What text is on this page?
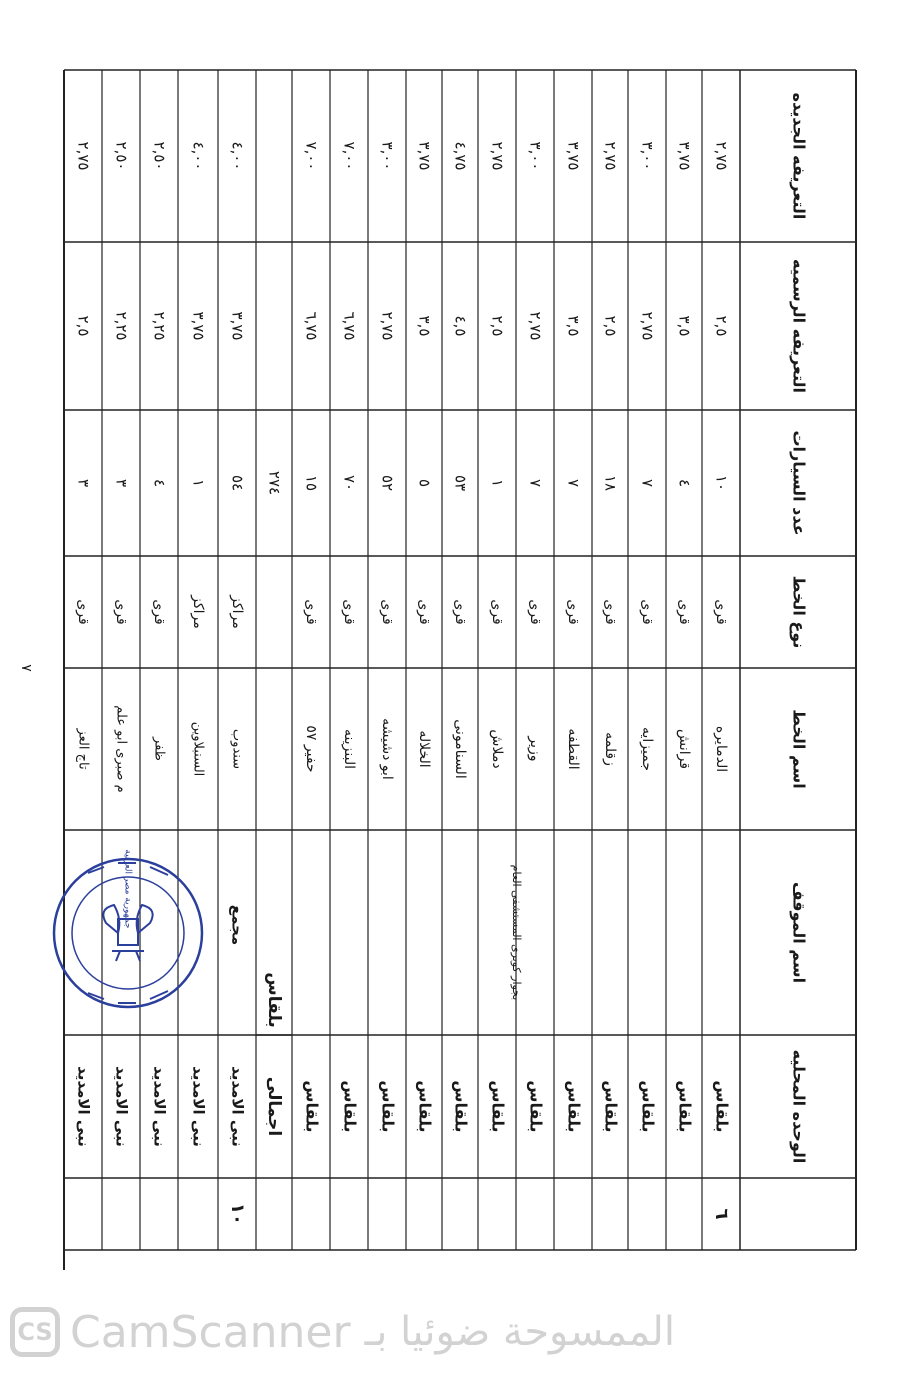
الوحده المحليه
اسم الموقف
اسم الخط
نوع الخط
عدد السيارات
التعريفه الرسميه
التعريفه الجديده
بلقاس
الدمايره
قرى
١٠
٢,٥
٢,٧٥
بلقاس
قرانش
قرى
٤
٣,٥
٣,٧٥
بلقاس
جميزايه
قرى
٧
٢,٧٥
٣,٠٠
بلقاس
زقلمه
قرى
١٨
٢,٥
٢,٧٥
بلقاس
القطفه
قرى
٧
٣,٥
٣,٧٥
بلقاس
وزير
قرى
٧
٢,٧٥
٣,٠٠
بلقاس
دملاش
قرى
١
٢,٥
٢,٧٥
بلقاس
السنامونى
قرى
٥٣
٤,٥
٤,٧٥
بلقاس
الخلاله
قرى
٥
٣,٥
٣,٧٥
بلقاس
ابو دشيشه
قرى
٥٢
٢,٧٥
٣,٠٠
بلقاس
البنزينه
قرى
٧٠
٦,٧٥
٧,٠٠
بلقاس
حفير ٥٧
قرى
١٥
٦,٧٥
٧,٠٠
٦
بجوار كوبرى المستشفى العام
اجمالى
بلقاس
٢٧٤
١٠
مجمع
نبى الامديد
سندوب
مراكز
٥٤
٣,٧٥
٤,٠٠
نبى الامديد
السنبلاوين
مراكز
١
٣,٧٥
٤,٠٠
نبى الامديد
ظفر
قرى
٤
٢,٢٥
٢,٥٠
نبى الامديد
م صبرى ابو علم
قرى
٣
٢,٢٥
٢,٥٠
نبى الامديد
تاج العز
قرى
٣
٢,٥
٢,٧٥
جمهورية مصر العربية
٧
CS CamScanner الممسوحة ضوئيا بـ
